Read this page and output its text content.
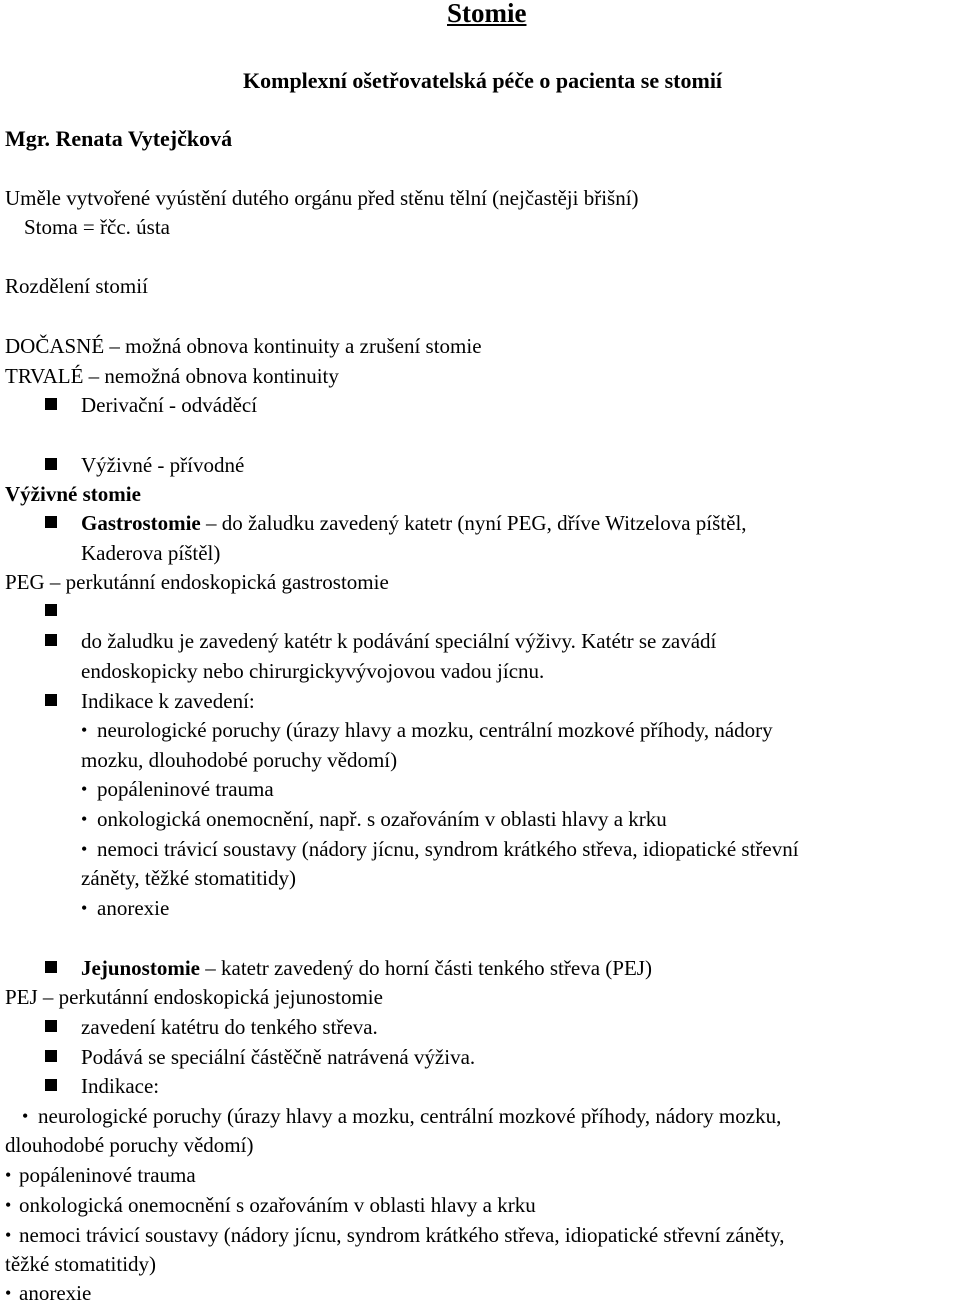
Stomie
Komplexní ošetřovatelská péče o pacienta se stomií
Mgr. Renata Vytejčková
Uměle vytvořené vyústění dutého orgánu před stěnu tělní (nejčastěji břišní)
Stoma = řčc. ústa
Rozdělení stomií
DOČASNÉ – možná obnova kontinuity a zrušení stomie
TRVALÉ – nemožná obnova kontinuity
Derivační - odváděcí
Výživné - přívodné
Výživné stomie
Gastrostomie – do žaludku zavedený katetr (nyní PEG, dříve Witzelova píštěl,
Kaderova píštěl)
PEG – perkutánní endoskopická gastrostomie
do žaludku je zavedený katétr k podávání speciální výživy. Katétr se zavádí
endoskopicky nebo chirurgickyvývojovou vadou jícnu.
Indikace k zavedení:
• neurologické poruchy (úrazy hlavy a mozku, centrální mozkové příhody, nádory
mozku, dlouhodobé poruchy vědomí)
• popáleninové trauma
• onkologická onemocnění, např. s ozařováním v oblasti hlavy a krku
• nemoci trávicí soustavy (nádory jícnu, syndrom krátkého střeva, idiopatické střevní
záněty, těžké stomatitidy)
• anorexie
Jejunostomie – katetr zavedený do horní části tenkého střeva (PEJ)
PEJ – perkutánní endoskopická jejunostomie
zavedení katétru do tenkého střeva.
Podává se speciální částěčně natrávená výživa.
Indikace:
• neurologické poruchy (úrazy hlavy a mozku, centrální mozkové příhody, nádory mozku,
dlouhodobé poruchy vědomí)
• popáleninové trauma
• onkologická onemocnění s ozařováním v oblasti hlavy a krku
• nemoci trávicí soustavy (nádory jícnu, syndrom krátkého střeva, idiopatické střevní záněty,
těžké stomatitidy)
• anorexie
